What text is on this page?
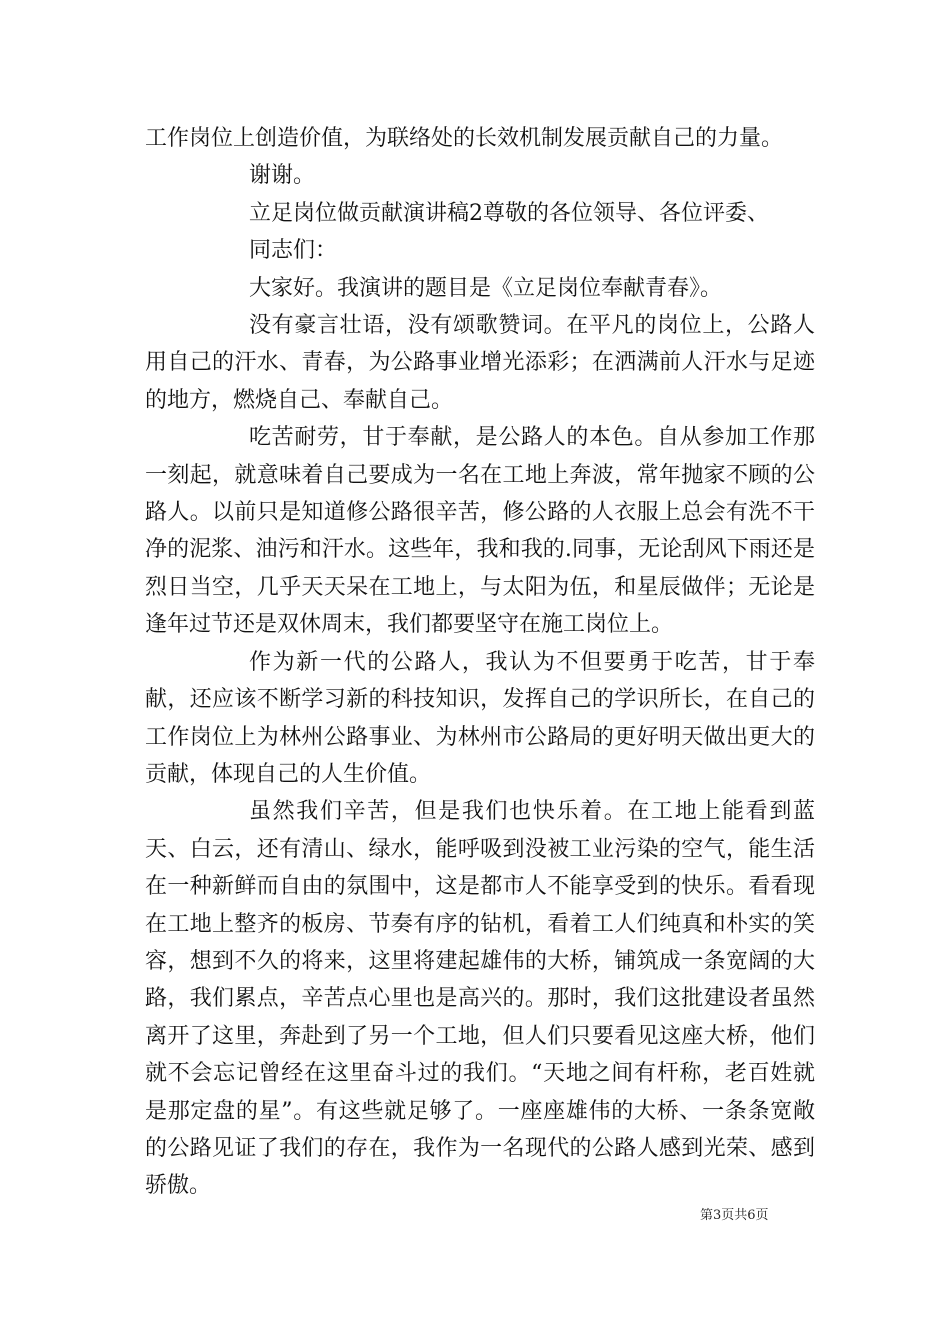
工作岗位上创造价值，为联络处的长效机制发展贡献自己的力量。

谢谢。

立足岗位做贡献演讲稿2尊敬的各位领导、各位评委、

同志们：

大家好。我演讲的题目是《立足岗位奉献青春》。

没有豪言壮语，没有颂歌赞词。在平凡的岗位上，公路人用自己的汗水、青春，为公路事业增光添彩；在洒满前人汗水与足迹的地方，燃烧自己、奉献自己。

吃苦耐劳，甘于奉献，是公路人的本色。自从参加工作那一刻起，就意味着自己要成为一名在工地上奔波，常年抛家不顾的公路人。以前只是知道修公路很辛苦，修公路的人衣服上总会有洗不干净的泥浆、油污和汗水。这些年，我和我的.同事，无论刮风下雨还是烈日当空，几乎天天呆在工地上，与太阳为伍，和星辰做伴；无论是逢年过节还是双休周末，我们都要坚守在施工岗位上。

作为新一代的公路人，我认为不但要勇于吃苦，甘于奉献，还应该不断学习新的科技知识，发挥自己的学识所长，在自己的工作岗位上为林州公路事业、为林州市公路局的更好明天做出更大的贡献，体现自己的人生价值。

虽然我们辛苦，但是我们也快乐着。在工地上能看到蓝天、白云，还有清山、绿水，能呼吸到没被工业污染的空气，能生活在一种新鲜而自由的氛围中，这是都市人不能享受到的快乐。看看现在工地上整齐的板房、节奏有序的钻机，看着工人们纯真和朴实的笑容，想到不久的将来，这里将建起雄伟的大桥，铺筑成一条宽阔的大路，我们累点，辛苦点心里也是高兴的。那时，我们这批建设者虽然离开了这里，奔赴到了另一个工地，但人们只要看见这座大桥，他们就不会忘记曾经在这里奋斗过的我们。“天地之间有杆称，老百姓就是那定盘的星”。有这些就足够了。一座座雄伟的大桥、一条条宽敞的公路见证了我们的存在，我作为一名现代的公路人感到光荣、感到骄傲。

第3页共6页
